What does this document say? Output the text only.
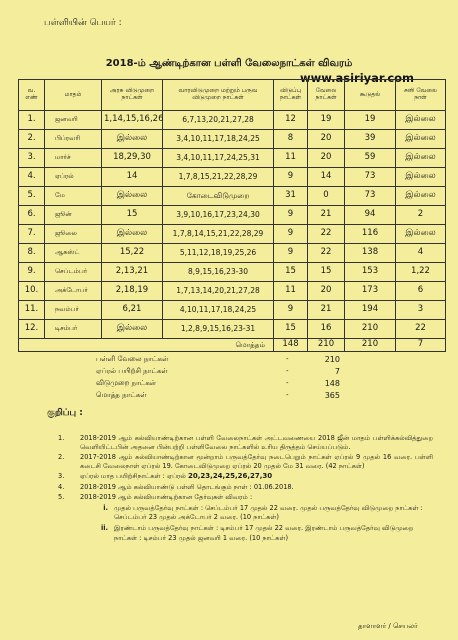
பள்ளியின் பெயர் :
2018-ம் ஆண்டிற்கான பள்ளி வேலைநாட்கள் விவரம்
www.asiriyar.com
வ. எண்	மாதம்	அரசு விடுமுறை நாட்கள்	வாரவிடுமுறை மற்றும் பருவ விடுமுறை நாட்கள்	விடுப்பு நாட்கள்	வேலை நாட்கள்	கூடுதல்	சனி வேலை நாள்
1.	ஜனவரி	1,14,15,16,26	6,7,13,20,21,27,28	12	19	19	இல்லை
2.	பிப்ரவரி	இல்லை	3,4,10,11,17,18,24,25	8	20	39	இல்லை
3.	மார்ச்	18,29,30	3,4,10,11,17,24,25,31	11	20	59	இல்லை
4.	ஏப்ரல்	14	1,7,8,15,21,22,28,29	9	14	73	இல்லை
5.	மே	இல்லை	கோடைவிடுமுறை	31	0	73	இல்லை
6.	ஜூன்	15	3,9,10,16,17,23,24,30	9	21	94	2
7.	ஜூலை	இல்லை	1,7,8,14,15,21,22,28,29	9	22	116	இல்லை
8.	ஆகஸ்ட்	15,22	5,11,12,18,19,25,26	9	22	138	4
9.	செப்டம்பர்	2,13,21	8,9,15,16,23-30	15	15	153	1,22
10.	அக்டோபர்	2,18,19	1,7,13,14,20,21,27,28	11	20	173	6
11.	நவம்பர்	6,21	4,10,11,17,18,24,25	9	21	194	3
12.	டிசம்பர்	இல்லை	1,2,8,9,15,16,23-31	15	16	210	22
மொத்தம்				148	210	210	7
பள்ளி வேலை நாட்கள்	-	210
ஏப்ரல் பயிற்சி நாட்கள்	-	7
விடுமுறை நாட்கள்	-	148
மொத்த நாட்கள்	-	365
குறிப்பு :
1.	2018-2019 ஆம் கல்வியாண்டிற்கான பள்ளி வேலைநாட்கள் அட்டவணையை 2018 ஜீன் மாதம் பள்ளிக்கல்வித்துறை வெளியிட்டபின் அதனை பின்பற்றி பள்ளிவேலை நாட்களில் உரிய திருத்தம் செய்யப்படும்.
2.	2017-2018 ஆம் கல்வியாண்டிற்கான மூன்றாம் பருவத்தேர்வு நடைபெறும் நாட்கள் ஏப்ரல் 9 முதல் 16 வரை. பள்ளி கடைசி வேலைநாள் ஏப்ரல் 19. கோடைவிடுமுறை ஏப்ரல் 20 முதல் மே 31 வரை. (42 நாட்கள்)
3.	ஏப்ரல் மாத பயிற்சிநாட்கள் : ஏப்ரல் 20,23,24,25,26,27,30
4.	2018-2019 ஆம் கல்வியாண்டு பள்ளி தொடங்கும் நாள் : 01.06.2018.
5.	2018-2019 ஆம் கல்வியாண்டிற்கான தேர்வுகள் விவரம் :
i. முதல் பருவத்தேர்வு நாட்கள் : செப்டம்பர் 17 முதல் 22 வரை. முதல் பருவத்தேர்வு விடுமுறை நாட்கள் : செப்டம்பர் 23 முதல் அக்டோபர் 2 வரை. (10 நாட்கள்)
ii. இரண்டாம் பருவத்தேர்வு நாட்கள் : டிசம்பர் 17 முதல் 22 வரை. இரண்டாம் பருவத்தேர்வு விடுமுறை நாட்கள் : டிசம்பர் 23 முதல் ஜனவரி 1 வரை. (10 நாட்கள்)
தாளாளர் / செயலர்
